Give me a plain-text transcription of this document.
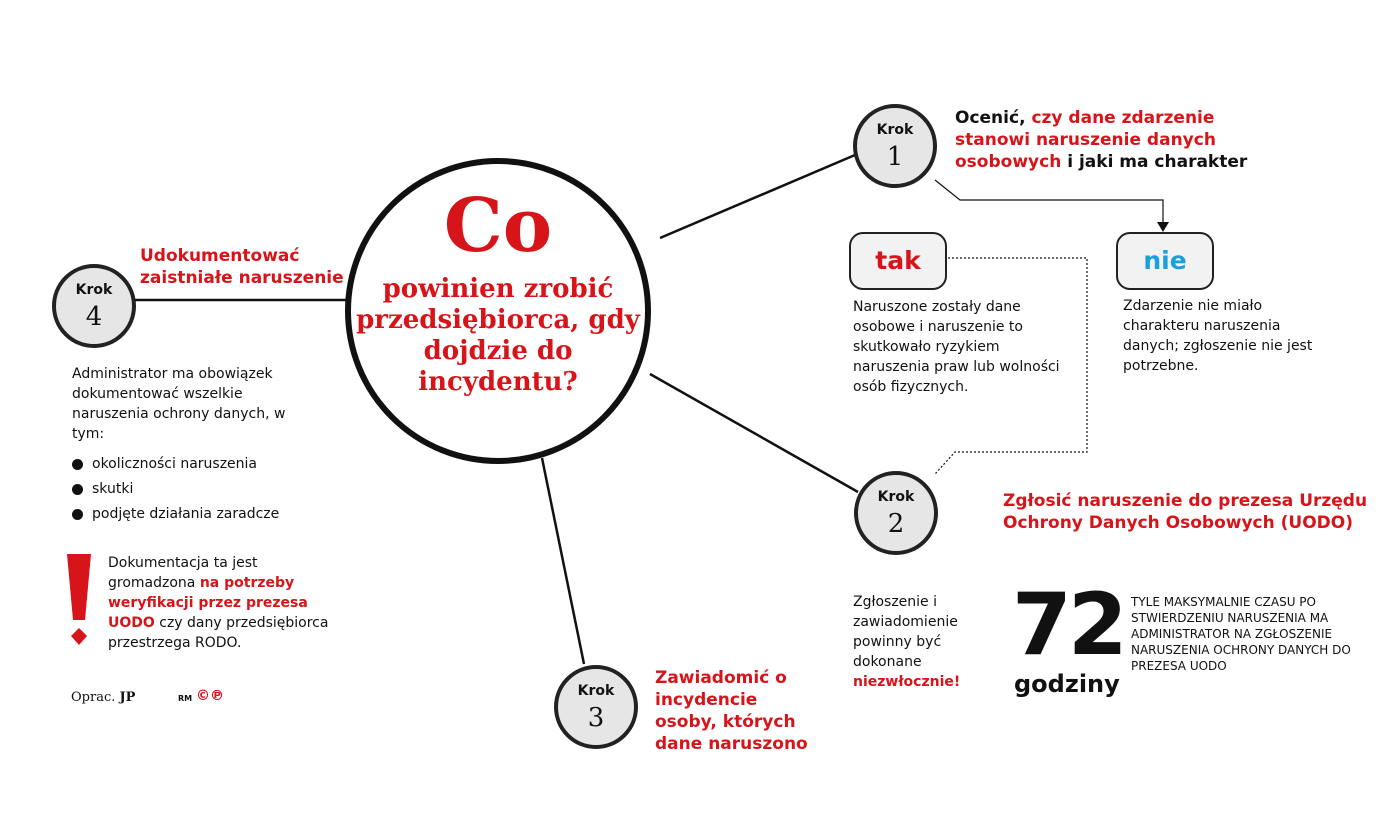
Co
powinien zrobić przedsiębiorca, gdy dojdzie do incydentu?
Krok
1
Ocenić, czy dane zdarzenie stanowi naruszenie danych osobowych i jaki ma charakter
tak
Naruszone zostały dane osobowe i naruszenie to skutkowało ryzykiem naruszenia praw lub wolności osób fizycznych.
nie
Zdarzenie nie miało charakteru naruszenia danych; zgłoszenie nie jest potrzebne.
Krok
2
Zgłosić naruszenie do prezesa Urzędu Ochrony Danych Osobowych (UODO)
Zgłoszenie i zawiadomienie powinny być dokonane niezwłocznie!
72
godziny
TYLE MAKSYMALNIE CZASU PO STWIERDZENIU NARUSZENIA MA ADMINISTRATOR NA ZGŁOSZENIE NARUSZENIA OCHRONY DANYCH DO PREZESA UODO
Krok
3
Zawiadomić o incydencie osoby, których dane naruszono
Krok
4
Udokumentować zaistniałe naruszenie
Administrator ma obowiązek dokumentować wszelkie naruszenia ochrony danych, w tym:
okoliczności naruszenia
skutki
podjęte działania zaradcze
Dokumentacja ta jest gromadzona na potrzeby weryfikacji przez prezesa UODO czy dany przedsiębiorca przestrzega RODO.
Oprac. JP	RM ©℗
